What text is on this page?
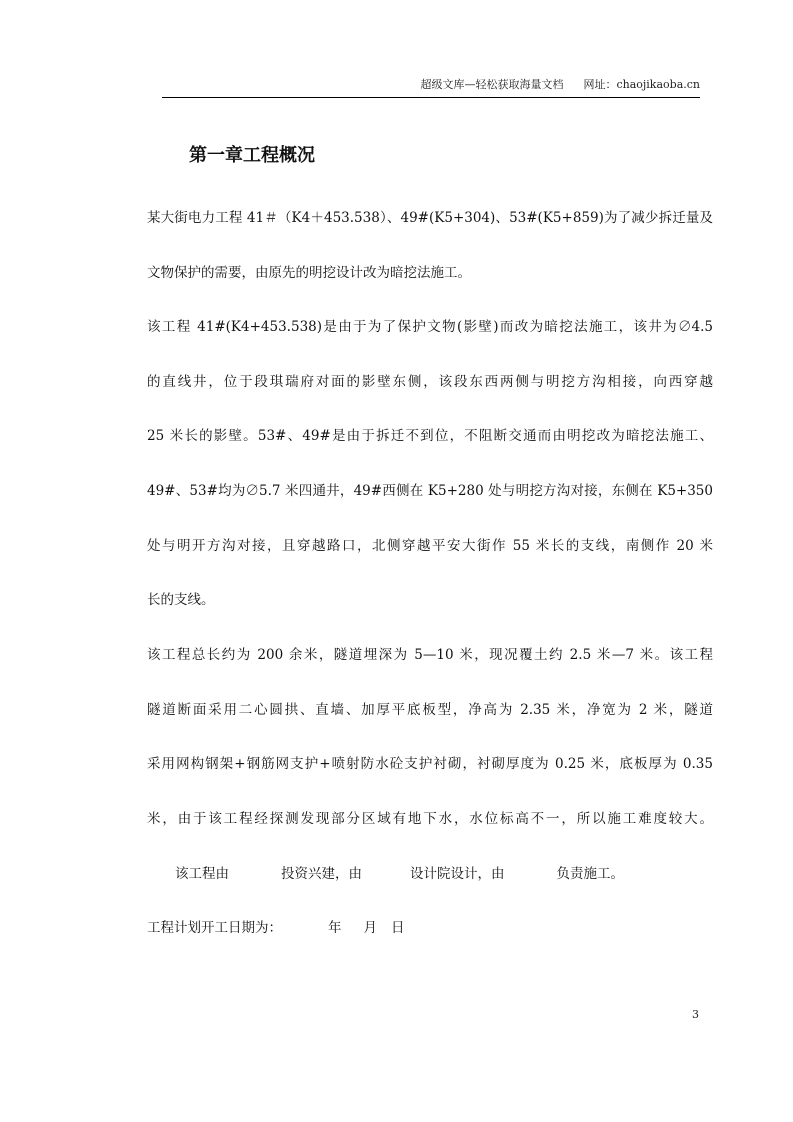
超级文库—轻松获取海量文档 网址：chaojikaoba.cn
第一章工程概况
某大街电力工程 41＃（K4＋453.538）、49#(K5+304)、53#(K5+859)为了减少拆迁量及
文物保护的需要，由原先的明挖设计改为暗挖法施工。
该工程 41#(K4+453.538)是由于为了保护文物(影壁)而改为暗挖法施工，该井为∅4.5
的直线井，位于段琪瑞府对面的影壁东侧，该段东西两侧与明挖方沟相接，向西穿越
25 米长的影壁。53#、49#是由于拆迁不到位，不阻断交通而由明挖改为暗挖法施工、
49#、53#均为∅5.7 米四通井，49#西侧在 K5+280 处与明挖方沟对接，东侧在 K5+350
处与明开方沟对接，且穿越路口，北侧穿越平安大街作 55 米长的支线，南侧作 20 米
长的支线。
该工程总长约为 200 余米，隧道埋深为 5—10 米，现况覆土约 2.5 米—7 米。该工程
隧道断面采用二心圆拱、直墙、加厚平底板型，净高为 2.35 米，净宽为 2 米，隧道
采用网构钢架+钢筋网支护+喷射防水砼支护衬砌，衬砌厚度为 0.25 米，底板厚为 0.35
米，由于该工程经探测发现部分区域有地下水，水位标高不一，所以施工难度较大。
该工程由	投资兴建，由	设计院设计，由	负责施工。
工程计划开工日期为：	年 月 日
3
